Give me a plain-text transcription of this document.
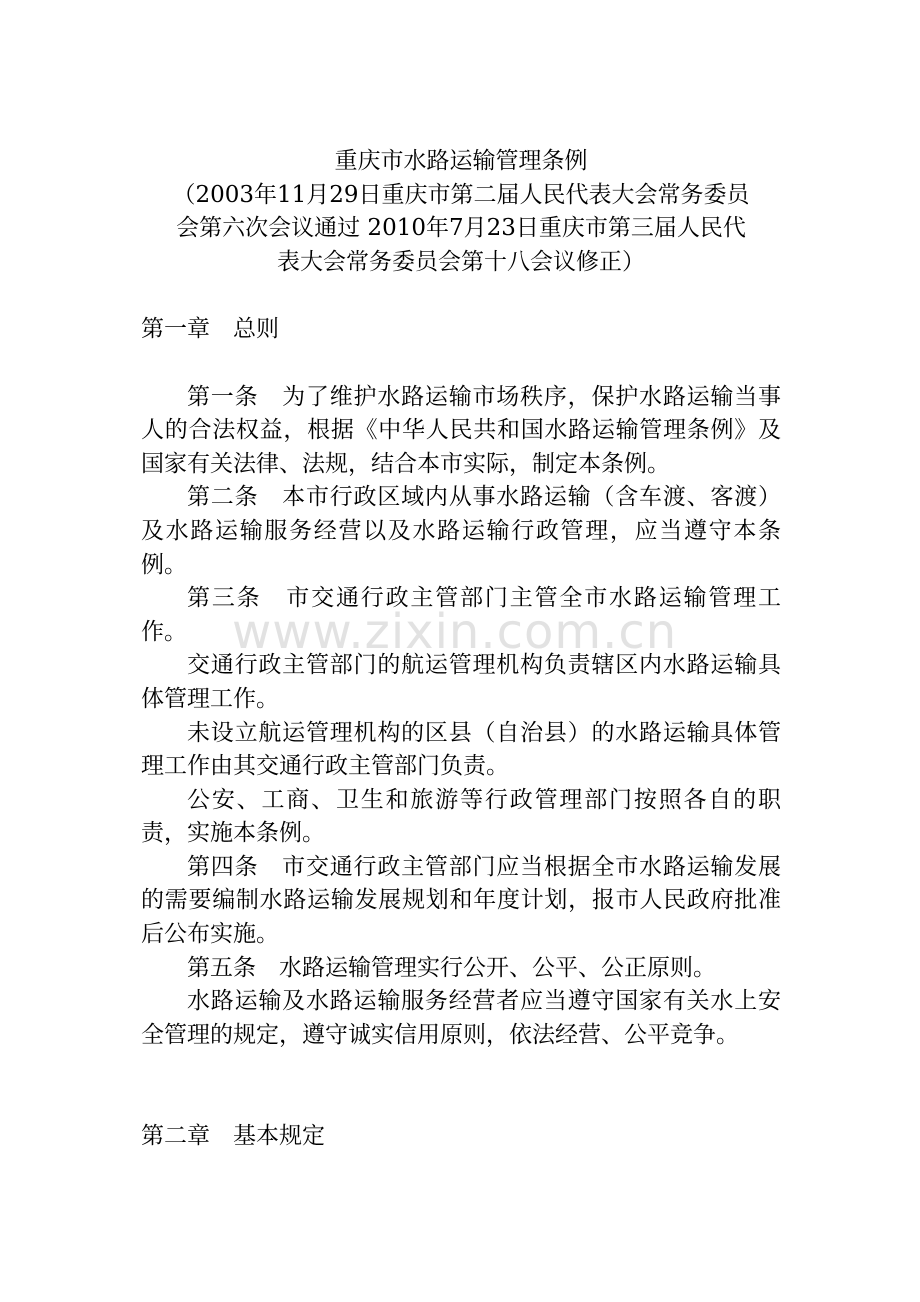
www.zixin.com.cn
重庆市水路运输管理条例
（2003年11月29日重庆市第二届人民代表大会常务委员
会第六次会议通过 2010年7月23日重庆市第三届人民代
表大会常务委员会第十八会议修正）
第一章　总则

第一条　为了维护水路运输市场秩序，保护水路运输当事人的合法权益，根据《中华人民共和国水路运输管理条例》及国家有关法律、法规，结合本市实际，制定本条例。

第二条　本市行政区域内从事水路运输（含车渡、客渡）及水路运输服务经营以及水路运输行政管理，应当遵守本条例。

第三条　市交通行政主管部门主管全市水路运输管理工作。

交通行政主管部门的航运管理机构负责辖区内水路运输具体管理工作。

未设立航运管理机构的区县（自治县）的水路运输具体管理工作由其交通行政主管部门负责。

公安、工商、卫生和旅游等行政管理部门按照各自的职责，实施本条例。

第四条　市交通行政主管部门应当根据全市水路运输发展的需要编制水路运输发展规划和年度计划，报市人民政府批准后公布实施。

第五条　水路运输管理实行公开、公平、公正原则。

水路运输及水路运输服务经营者应当遵守国家有关水上安全管理的规定，遵守诚实信用原则，依法经营、公平竞争。

第二章　基本规定
